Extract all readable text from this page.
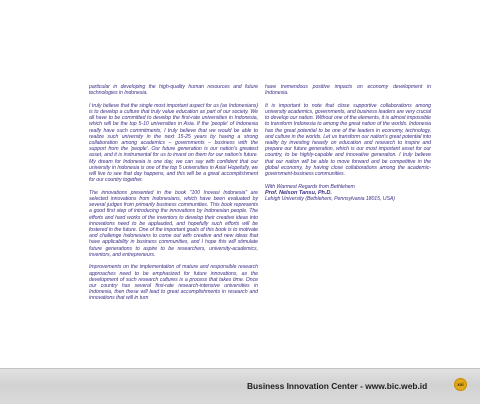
particular in developing the high-quality human resources and future technologies in Indonesia.

I truly believe that the single most important aspect for us (as Indonesians) is to develop a culture that truly value education as part of our society. We all have to be committed to develop the first-rate universities in Indonesia, which will be the top 5-10 universities in Asia. If the 'people' of Indonesia really have such commitments, I truly believe that we would be able to realize such university in the next 15-25 years by having a strong collaboration among academics – governments – business with the support from the 'people'. Our future generation is our nation's greatest asset, and it is instrumental for us to invest on them for our nation's future. My dream for Indonesia is one day, we can say with confident that our university in Indonesia is one of the top 5 universities in Asia! Hopefully, we will live to see that day happens, and this will be a great accomplishment for our country together.

The innovations presented in the book "100 Inovasi Indonesia" are selected innovations from Indonesians, which have been evaluated by several judges from primarily business communities. This book represents a good first step of introducing the innovations by Indonesian people. The efforts and hard works of the inventors to develop their creative ideas into innovations need to be applauded, and hopefully such efforts will be fostered in the future. One of the important goals of this book is to motivate and challenge Indonesians to come out with creative and new ideas that have applicability in business communities, and I hope this will stimulate future generations to aspire to be researchers, university-academics, inventors, and entrepreneurs.

Improvements on the implementation of mature and responsible research approaches need to be emphasized for future innovations, as the development of such research cultures is a process that takes time. Once our country has several first-rate research-intensive universities in Indonesia, then these will lead to great accomplishments in research and innovations that will in turn

have tremendous positive impacts on economy development in Indonesia.

It is important to note that close supportive collaborations among university academics, governments, and business leaders are very crucial to develop our nation. Without one of the elements, it is almost impossible to transform Indonesia to among the great nation of the worlds. Indonesia has the great potential to be one of the leaders in economy, technology, and culture in the worlds. Let us transform our nation's great potential into reality by investing heavily on education and research to inspire and prepare our future generation, which is our most important asset for our country, to be highly-capable and innovative generation. I truly believe that our nation will be able to move forward and be competitive in the global economy, by having close collaborations among the academic-government-business communities.

With Warmest Regards from Bethlehem
Prof. Nelson Tansu, Ph.D.
Lehigh University (Bethlehem, Pennsylvania 18015, USA)
Business Innovation Center - www.bic.web.id	xxi
